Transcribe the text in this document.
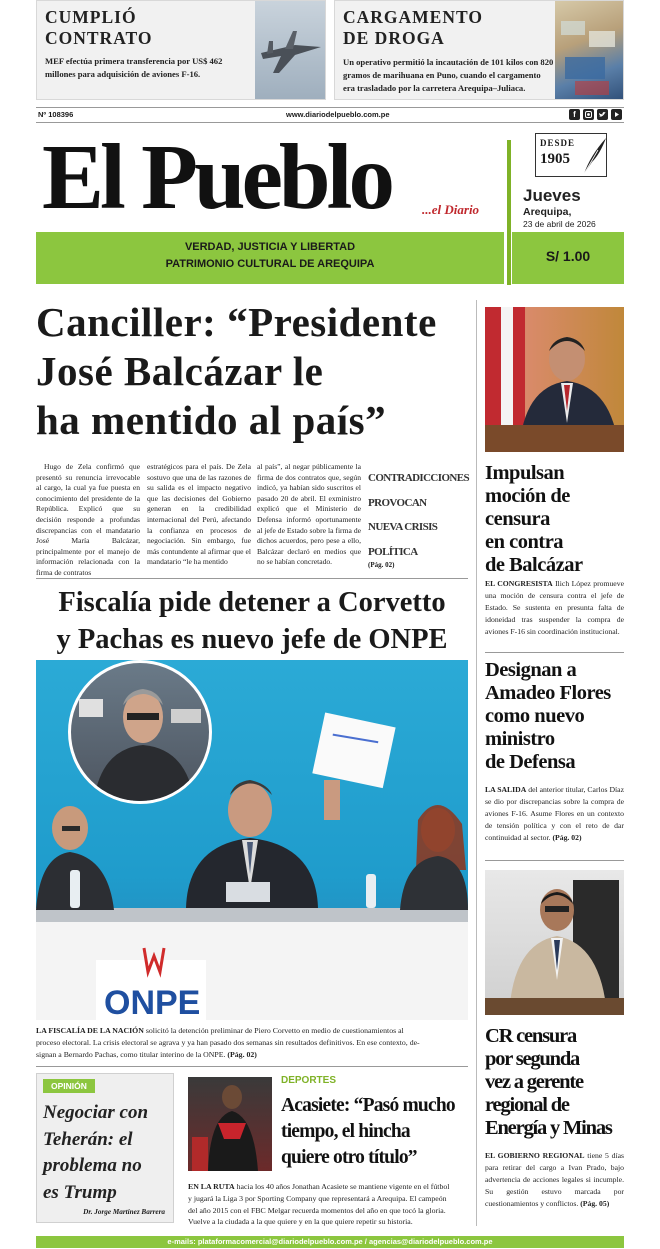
CUMPLIÓ
CONTRATO

MEF efectúa primera transferencia por US$ 462
millones para adquisición de aviones F-16.

CARGAMENTO
DE DROGA

Un operativo permitió la incautación de 101 kilos con 820
gramos de marihuana en Puno, cuando el cargamento
era trasladado por la carretera Arequipa–Juliaca.

Nº 108396	www.diariodelpueblo.com.pe	f
El Pueblo ...el Diario
DESDE
1905
Jueves
Arequipa,
23 de abril de 2026
VERDAD, JUSTICIA Y LIBERTAD
PATRIMONIO CULTURAL DE AREQUIPA	S/ 1.00
Canciller: “Presidente
José Balcázar le
ha mentido al país”
Hugo de Zela confirmó que presentó su renuncia irrevocable al cargo, la cual ya fue puesta en conocimiento del presidente de la República. Explicó que su decisión responde a profundas discrepancias con el mandatario José María Balcázar, principalmente por el manejo de información relacionada con la firma de contratos
estratégicos para el país. De Zela sostuvo que una de las razones de su salida es el impacto negativo que las decisiones del Gobierno generan en la credibilidad internacional del Perú, afectando la confianza en procesos de negociación. Sin embargo, fue más contundente al afirmar que el mandatario “le ha mentido
al país”, al negar públicamente la firma de dos contratos que, según indicó, ya habían sido suscritos el pasado 20 de abril. El exministro explicó que el Ministerio de Defensa informó oportunamente al jefe de Estado sobre la firma de dichos acuerdos, pero pese a ello, Balcázar declaró en medios que no se habían concretado.
CONTRADICCIONES
PROVOCAN
NUEVA CRISIS
POLÍTICA
(Pág. 02)
Fiscalía pide detener a Corvetto
y Pachas es nuevo jefe de ONPE
ONPE
LA FISCALÍA DE LA NACIÓN solicitó la detención preliminar de Piero Corvetto en medio de cuestionamientos al
proceso electoral. La crisis electoral se agrava y ya han pasado dos semanas sin resultados definitivos. En ese contexto, de-
signan a Bernardo Pachas, como titular interino de la ONPE. (Pág. 02)
OPINIÓN
Negociar con
Teherán: el
problema no
es Trump
Dr. Jorge Martínez Barrera
DEPORTES
Acasiete: “Pasó mucho
tiempo, el hincha
quiere otro título”
EN LA RUTA hacia los 40 años Jonathan Acasiete se mantiene vigente en el fútbol
y jugará la Liga 3 por Sporting Company que representará a Arequipa. El campeón
del año 2015 con el FBC Melgar recuerda momentos del año en que tocó la gloria.
Vuelve a la ciudada a la que quiere y en la que quiere repetir su historia.
Impulsan
moción de
censura
en contra
de Balcázar
EL CONGRESISTA Ilich López promueve una moción de censura contra el jefe de Estado. Se sustenta en presunta falta de idoneidad tras suspender la compra de aviones F-16 sin coordinación institucional.
Designan a
Amadeo Flores
como nuevo
ministro
de Defensa
LA SALIDA del anterior titular, Carlos Díaz se dio por discrepancias sobre la compra de aviones F-16. Asume Flores en un contexto de tensión política y con el reto de dar continuidad al sector. (Pág. 02)
CR censura
por segunda
vez a gerente
regional de
Energía y Minas
EL GOBIERNO REGIONAL tiene 5 días para retirar del cargo a Ivan Prado, bajo advertencia de acciones legales si incumple. Su gestión estuvo marcada por cuestionamientos y conflictos. (Pág. 05)
e-mails: plataformacomercial@diariodelpueblo.com.pe / agencias@diariodelpueblo.com.pe
